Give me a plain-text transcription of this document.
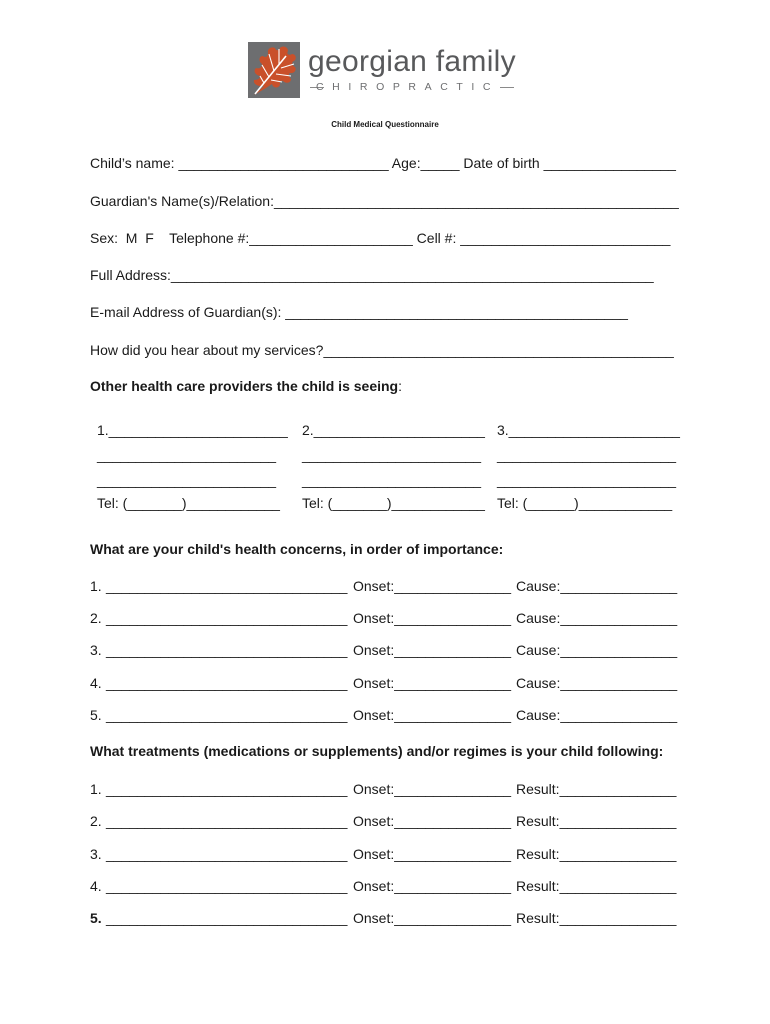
georgian family
CHIROPRACTIC
Child Medical Questionnaire
Child’s name: ___________________________ Age:_____ Date of birth _________________
Guardian's Name(s)/Relation:____________________________________________________
Sex:  M  F    Telephone #:_____________________ Cell #: ___________________________
Full Address:______________________________________________________________
E-mail Address of Guardian(s): ____________________________________________
How did you hear about my services?_____________________________________________
Other health care providers the child is seeing:
1._______________________
_______________________
_______________________
Tel: (_______)____________
2.______________________
_______________________
_______________________
Tel: (_______)____________
3.______________________
_______________________
_______________________
Tel: (______)____________
What are your child's health concerns, in order of importance:
1. _______________________________ Onset:_______________ Cause:_______________
2. _______________________________ Onset:_______________ Cause:_______________
3. _______________________________ Onset:_______________ Cause:_______________
4. _______________________________ Onset:_______________ Cause:_______________
5. _______________________________ Onset:_______________ Cause:_______________
What treatments (medications or supplements) and/or regimes is your child following:
1. _______________________________ Onset:_______________ Result:_______________
2. _______________________________ Onset:_______________ Result:_______________
3. _______________________________ Onset:_______________ Result:_______________
4. _______________________________ Onset:_______________ Result:_______________
5. _______________________________ Onset:_______________ Result:_______________
